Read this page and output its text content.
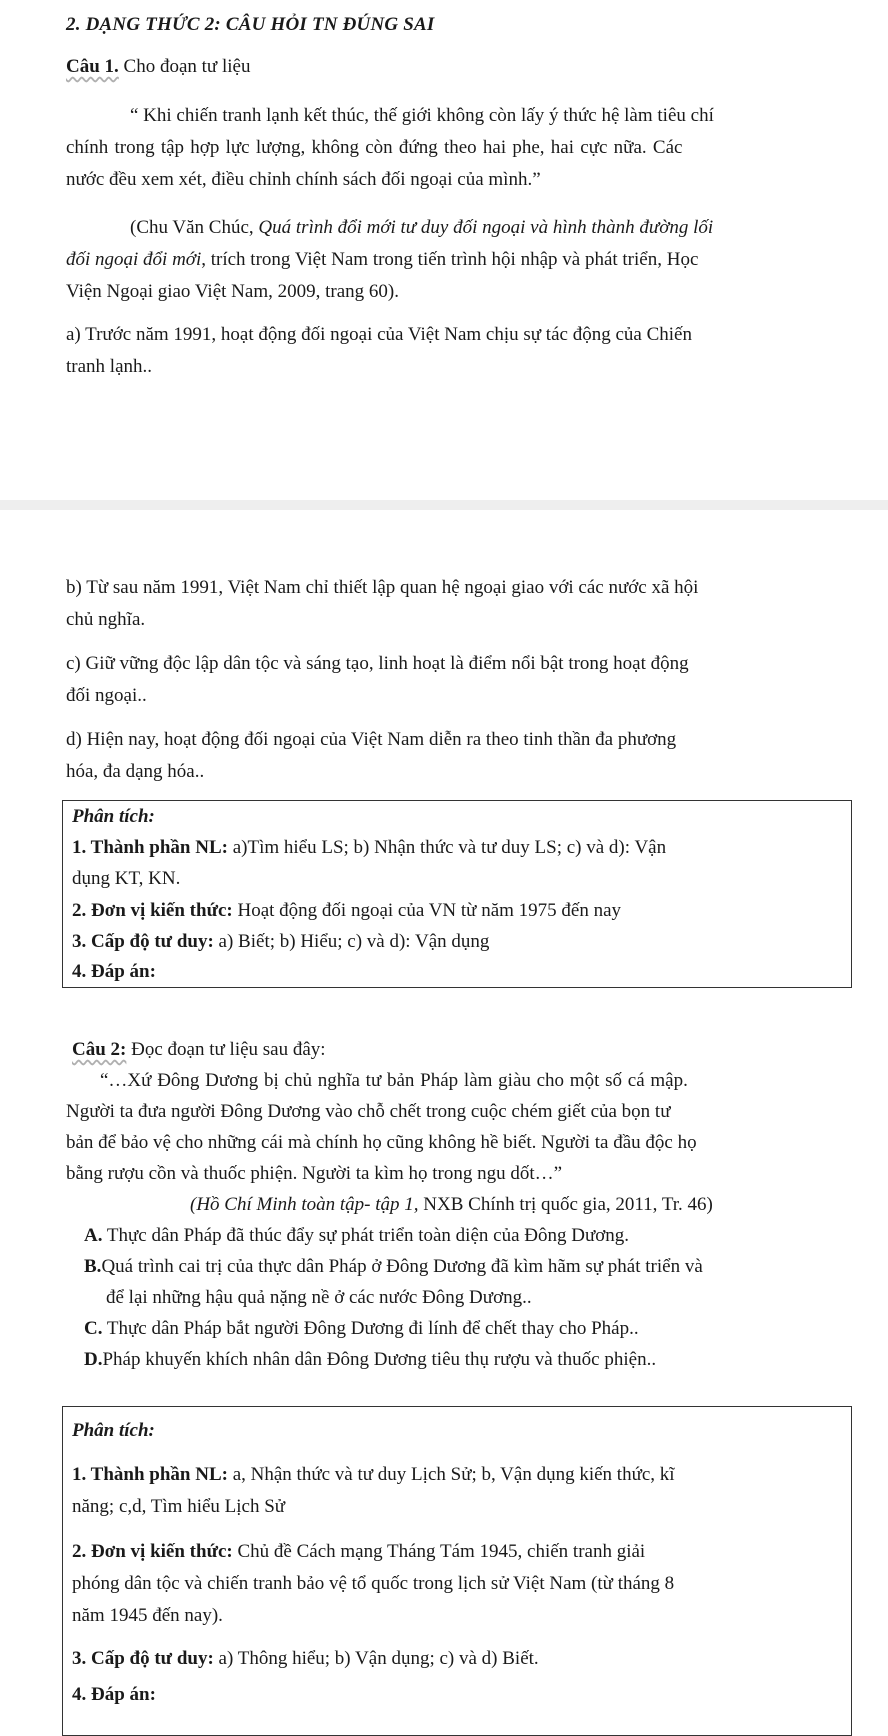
2. DẠNG THỨC 2: CÂU HỎI TN ĐÚNG SAI
Câu 1. Cho đoạn tư liệu
“ Khi chiến tranh lạnh kết thúc, thế giới không còn lấy ý thức hệ làm tiêu chí
chính trong tập hợp lực lượng, không còn đứng theo hai phe, hai cực nữa. Các
nước đều xem xét, điều chỉnh chính sách đối ngoại của mình.”
(Chu Văn Chúc, Quá trình đổi mới tư duy đối ngoại và hình thành đường lối
đối ngoại đổi mới, trích trong Việt Nam trong tiến trình hội nhập và phát triển, Học
Viện Ngoại giao Việt Nam, 2009, trang 60).
a) Trước năm 1991, hoạt động đối ngoại của Việt Nam chịu sự tác động của Chiến
tranh lạnh..
b) Từ sau năm 1991, Việt Nam chỉ thiết lập quan hệ ngoại giao với các nước xã hội
chủ nghĩa.
c) Giữ vững độc lập dân tộc và sáng tạo, linh hoạt là điểm nổi bật trong hoạt động
đối ngoại..
d) Hiện nay, hoạt động đối ngoại của Việt Nam diễn ra theo tinh thần đa phương
hóa, đa dạng hóa..
Phân tích:
1. Thành phần NL: a)Tìm hiểu LS; b) Nhận thức và tư duy LS; c) và d): Vận
dụng KT, KN.
2. Đơn vị kiến thức: Hoạt động đối ngoại của VN từ năm 1975 đến nay
3. Cấp độ tư duy: a) Biết; b) Hiểu; c) và d): Vận dụng
4. Đáp án:
Câu 2: Đọc đoạn tư liệu sau đây:
“…Xứ Đông Dương bị chủ nghĩa tư bản Pháp làm giàu cho một số cá mập.
Người ta đưa người Đông Dương vào chỗ chết trong cuộc chém giết của bọn tư
bản để bảo vệ cho những cái mà chính họ cũng không hề biết. Người ta đầu độc họ
bằng rượu cồn và thuốc phiện. Người ta kìm họ trong ngu dốt…”
(Hồ Chí Minh toàn tập- tập 1, NXB Chính trị quốc gia, 2011, Tr. 46)
A. Thực dân Pháp đã thúc đẩy sự phát triển toàn diện của Đông Dương.
B.Quá trình cai trị của thực dân Pháp ở Đông Dương đã kìm hãm sự phát triển và
để lại những hậu quả nặng nề ở các nước Đông Dương..
C. Thực dân Pháp bắt người Đông Dương đi lính để chết thay cho Pháp..
D.Pháp khuyến khích nhân dân Đông Dương tiêu thụ rượu và thuốc phiện..
Phân tích:
1. Thành phần NL: a, Nhận thức và tư duy Lịch Sử; b, Vận dụng kiến thức, kĩ
năng; c,d, Tìm hiểu Lịch Sử
2. Đơn vị kiến thức: Chủ đề Cách mạng Tháng Tám 1945, chiến tranh giải
phóng dân tộc và chiến tranh bảo vệ tổ quốc trong lịch sử Việt Nam (từ tháng 8
năm 1945 đến nay).
3. Cấp độ tư duy: a) Thông hiểu; b) Vận dụng; c) và d) Biết.
4. Đáp án:
